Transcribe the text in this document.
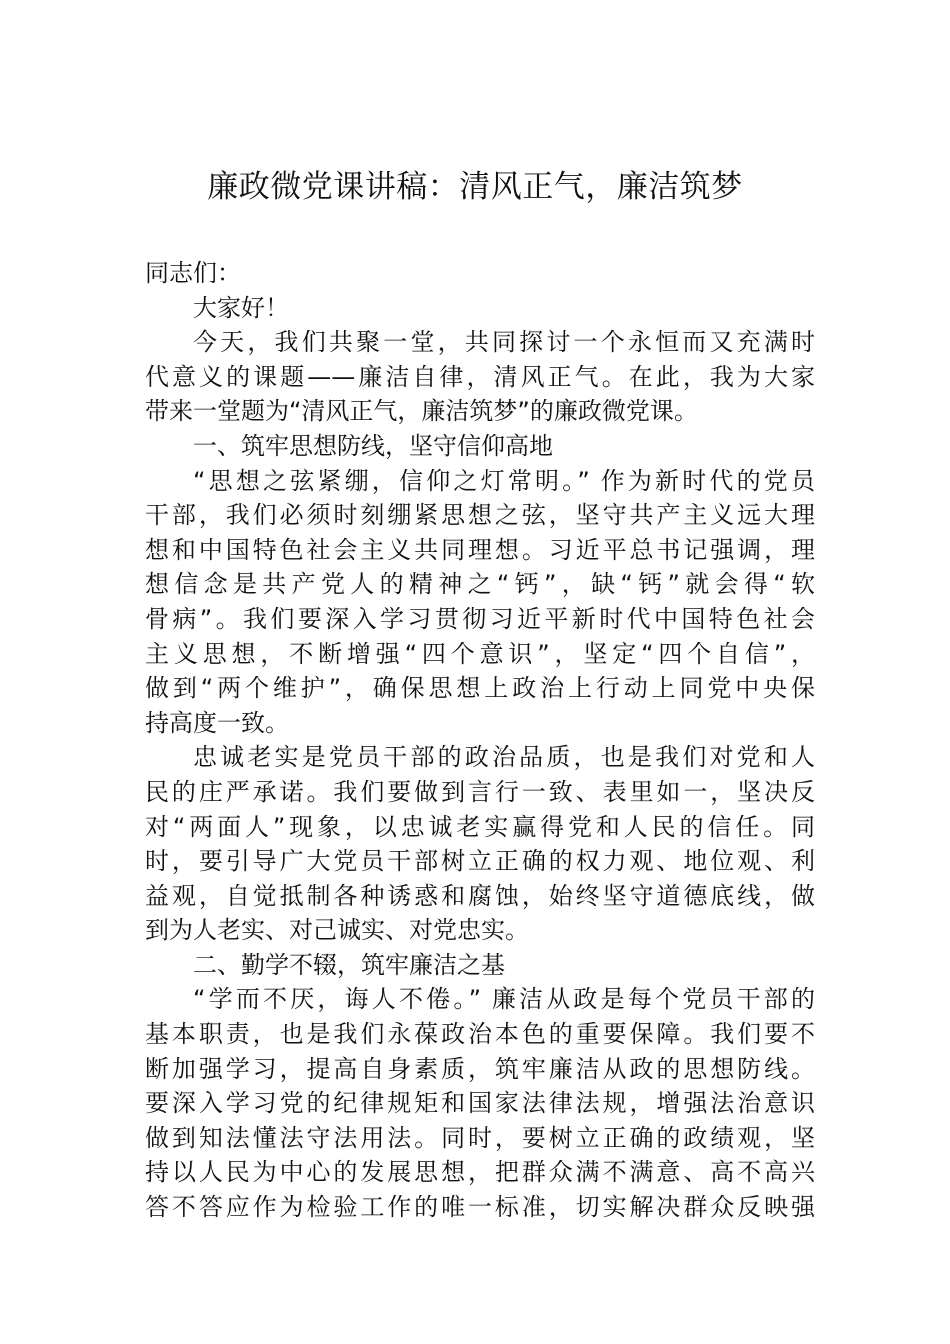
廉政微党课讲稿：清风正气，廉洁筑梦
同志们：
大家好！
今天，我们共聚一堂，共同探讨一个永恒而又充满时
代意义的课题——廉洁自律，清风正气。在此，我为大家
带来一堂题为“清风正气，廉洁筑梦”的廉政微党课。
一、筑牢思想防线，坚守信仰高地
“思想之弦紧绷，信仰之灯常明。” 作为新时代的党员
干部，我们必须时刻绷紧思想之弦，坚守共产主义远大理
想和中国特色社会主义共同理想。习近平总书记强调，理
想信念是共产党人的精神之“钙”，缺“钙”就会得“软
骨病”。我们要深入学习贯彻习近平新时代中国特色社会
主义思想，不断增强“四个意识”，坚定“四个自信”，
做到“两个维护”，确保思想上政治上行动上同党中央保
持高度一致。
忠诚老实是党员干部的政治品质，也是我们对党和人
民的庄严承诺。我们要做到言行一致、表里如一，坚决反
对“两面人”现象，以忠诚老实赢得党和人民的信任。同
时，要引导广大党员干部树立正确的权力观、地位观、利
益观，自觉抵制各种诱惑和腐蚀，始终坚守道德底线，做
到为人老实、对己诚实、对党忠实。
二、勤学不辍，筑牢廉洁之基
“学而不厌，诲人不倦。” 廉洁从政是每个党员干部的
基本职责，也是我们永葆政治本色的重要保障。我们要不
断加强学习，提高自身素质，筑牢廉洁从政的思想防线。
要深入学习党的纪律规矩和国家法律法规，增强法治意识
做到知法懂法守法用法。同时，要树立正确的政绩观，坚
持以人民为中心的发展思想，把群众满不满意、高不高兴
答不答应作为检验工作的唯一标准，切实解决群众反映强
